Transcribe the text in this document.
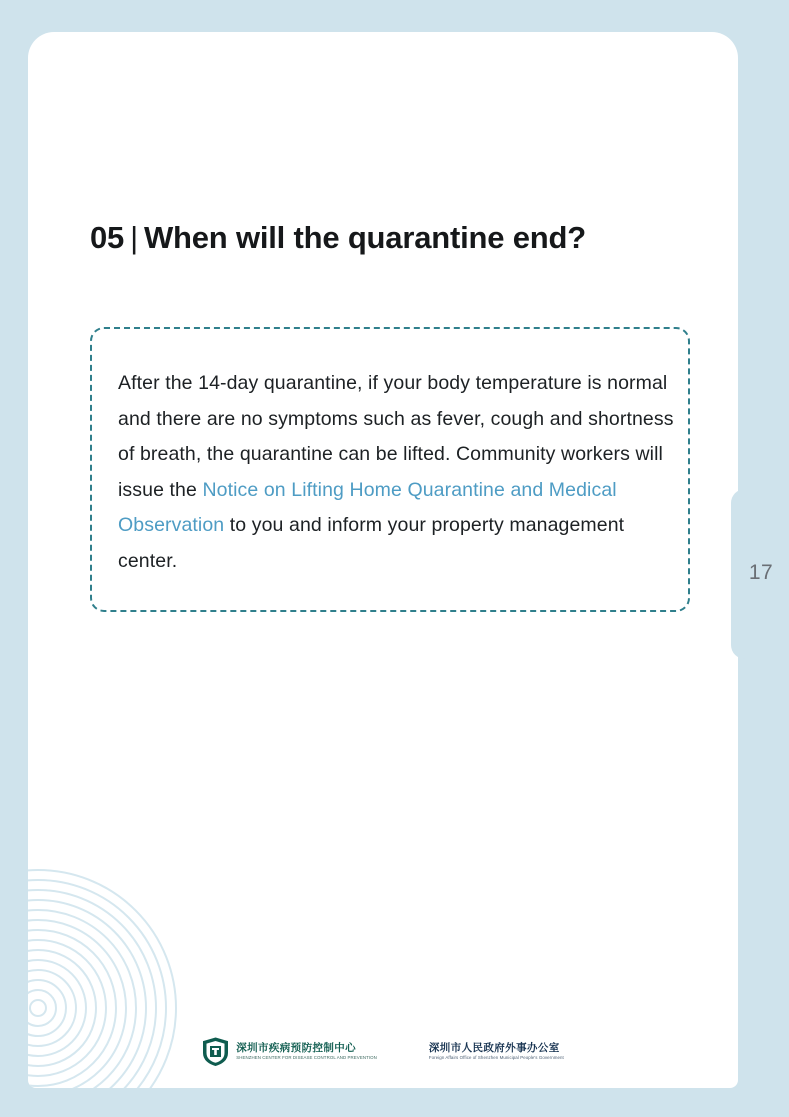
05 | When will the quarantine end?
After the 14-day quarantine, if your body temperature is normal and there are no symptoms such as fever, cough and shortness of breath, the quarantine can be lifted. Community workers will issue the Notice on Lifting Home Quarantine and Medical Observation to you and inform your property management center.
深圳市疾病预防控制中心
SHENZHEN CENTER FOR DISEASE CONTROL AND PREVENTION
深圳市人民政府外事办公室
Foreign Affairs Office of Shenzhen Municipal People's Government
17
